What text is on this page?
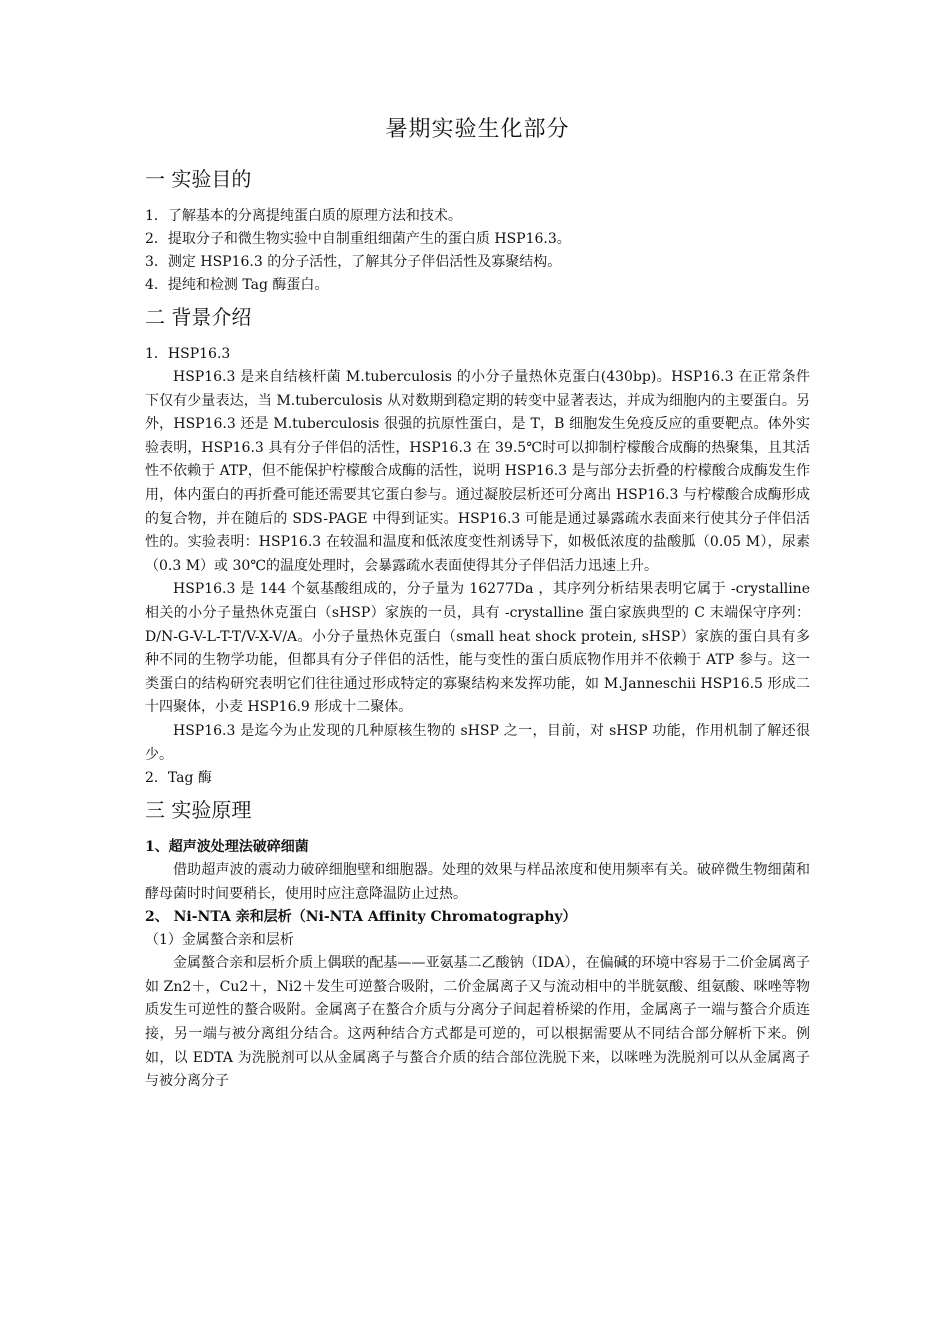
暑期实验生化部分
一 实验目的

1．了解基本的分离提纯蛋白质的原理方法和技术。

2．提取分子和微生物实验中自制重组细菌产生的蛋白质 HSP16.3。

3．测定 HSP16.3 的分子活性，了解其分子伴侣活性及寡聚结构。

4．提纯和检测 Tag 酶蛋白。

二 背景介绍

1．HSP16.3

HSP16.3 是来自结核杆菌 M.tuberculosis 的小分子量热休克蛋白(430bp)。HSP16.3 在正常条件下仅有少量表达，当 M.tuberculosis 从对数期到稳定期的转变中显著表达，并成为细胞内的主要蛋白。另外，HSP16.3 还是 M.tuberculosis 很强的抗原性蛋白，是 T，B 细胞发生免疫反应的重要靶点。体外实验表明，HSP16.3 具有分子伴侣的活性，HSP16.3 在 39.5℃时可以抑制柠檬酸合成酶的热聚集，且其活性不依赖于 ATP，但不能保护柠檬酸合成酶的活性，说明 HSP16.3 是与部分去折叠的柠檬酸合成酶发生作用，体内蛋白的再折叠可能还需要其它蛋白参与。通过凝胶层析还可分离出 HSP16.3 与柠檬酸合成酶形成的复合物，并在随后的 SDS-PAGE 中得到证实。HSP16.3 可能是通过暴露疏水表面来行使其分子伴侣活性的。实验表明：HSP16.3 在较温和温度和低浓度变性剂诱导下，如极低浓度的盐酸胍（0.05 M），尿素（0.3 M）或 30℃的温度处理时，会暴露疏水表面使得其分子伴侣活力迅速上升。

HSP16.3 是 144 个氨基酸组成的，分子量为 16277Da ，其序列分析结果表明它属于 -crystalline 相关的小分子量热休克蛋白（sHSP）家族的一员，具有 -crystalline 蛋白家族典型的 C 末端保守序列：D/N-G-V-L-T-T/V-X-V/A。小分子量热休克蛋白（small heat shock protein, sHSP）家族的蛋白具有多种不同的生物学功能，但都具有分子伴侣的活性，能与变性的蛋白质底物作用并不依赖于 ATP 参与。这一类蛋白的结构研究表明它们往往通过形成特定的寡聚结构来发挥功能，如 M.Janneschii HSP16.5 形成二十四聚体，小麦 HSP16.9 形成十二聚体。

HSP16.3 是迄今为止发现的几种原核生物的 sHSP 之一，目前，对 sHSP 功能，作用机制了解还很少。

2．Tag 酶

三 实验原理

1、超声波处理法破碎细菌

借助超声波的震动力破碎细胞壁和细胞器。处理的效果与样品浓度和使用频率有关。破碎微生物细菌和酵母菌时时间要稍长，使用时应注意降温防止过热。

2、 Ni-NTA 亲和层析（Ni-NTA Affinity Chromatography）

（1）金属螯合亲和层析

金属螯合亲和层析介质上偶联的配基——亚氨基二乙酸钠（IDA），在偏碱的环境中容易于二价金属离子如 Zn2＋，Cu2＋，Ni2＋发生可逆螯合吸附，二价金属离子又与流动相中的半胱氨酸、组氨酸、咪唑等物质发生可逆性的螯合吸附。金属离子在螯合介质与分离分子间起着桥梁的作用，金属离子一端与螯合介质连接，另一端与被分离组分结合。这两种结合方式都是可逆的，可以根据需要从不同结合部分解析下来。例如，以 EDTA 为洗脱剂可以从金属离子与螯合介质的结合部位洗脱下来，以咪唑为洗脱剂可以从金属离子与被分离分子
